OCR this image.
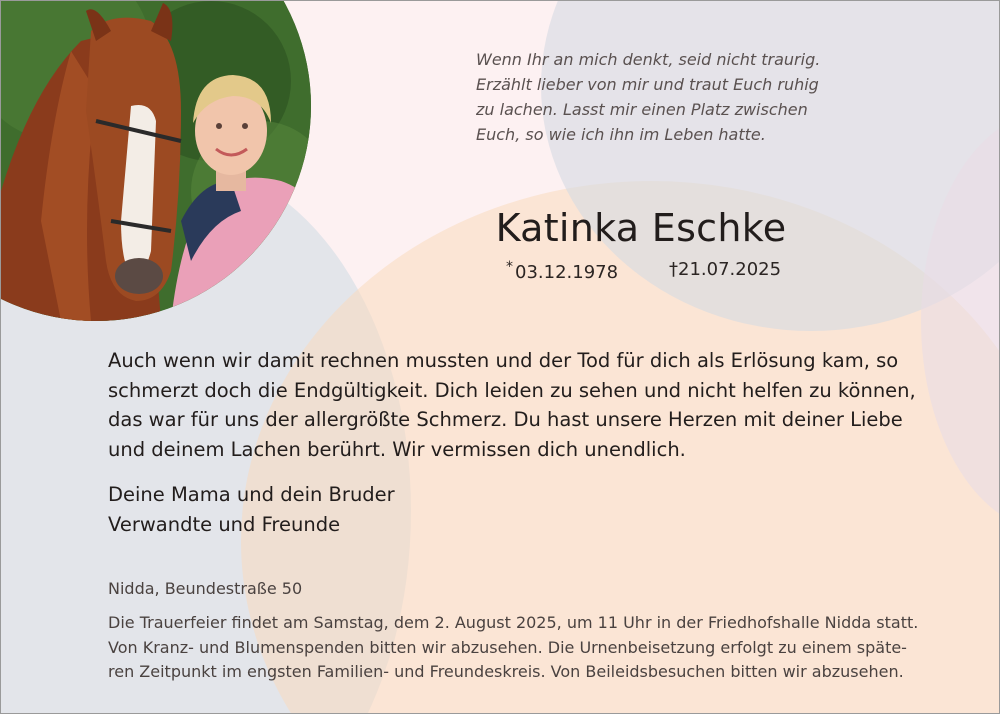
Wenn Ihr an mich denkt, seid nicht traurig.
Erzählt lieber von mir und traut Euch ruhig
zu lachen. Lasst mir einen Platz zwischen
Euch, so wie ich ihn im Leben hatte.
Katinka Eschke
* 03.12.1978	†21.07.2025
Auch wenn wir damit rechnen mussten und der Tod für dich als Erlösung kam, so
schmerzt doch die Endgültigkeit. Dich leiden zu sehen und nicht helfen zu können,
das war für uns der allergrößte Schmerz. Du hast unsere Herzen mit deiner Liebe
und deinem Lachen berührt. Wir vermissen dich unendlich.
Deine Mama und dein Bruder
Verwandte und Freunde
Nidda, Beundestraße 50
Die Trauerfeier findet am Samstag, dem 2. August 2025, um 11 Uhr in der Friedhofshalle Nidda statt.
Von Kranz- und Blumenspenden bitten wir abzusehen. Die Urnenbeisetzung erfolgt zu einem späte-
ren Zeitpunkt im engsten Familien- und Freundeskreis. Von Beileidsbesuchen bitten wir abzusehen.
